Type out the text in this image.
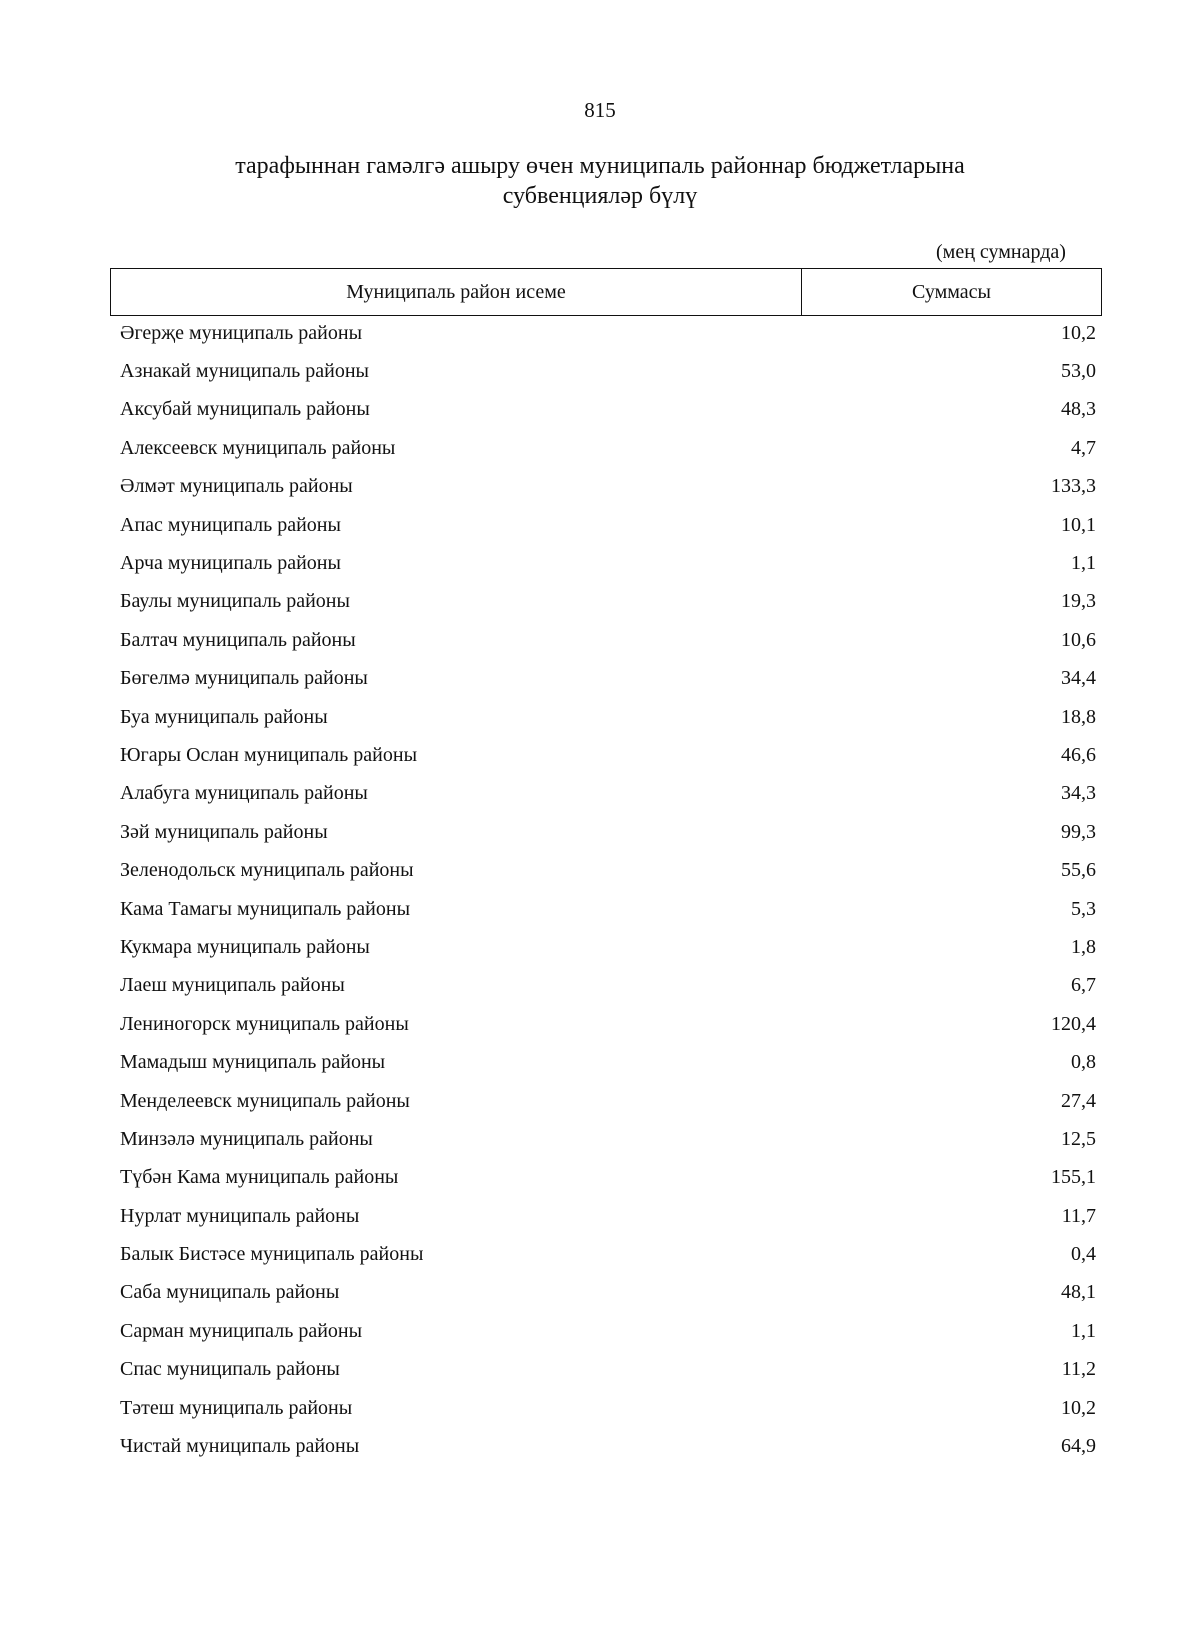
815
тарафыннан гамәлгә ашыру өчен муниципаль районнар бюджетларына
субвенцияләр бүлү
(мең сумнарда)
Муниципаль район исеме	Суммасы
Әгерҗе муниципаль районы	10,2
Азнакай муниципаль районы	53,0
Аксубай муниципаль районы	48,3
Алексеевск муниципаль районы	4,7
Әлмәт муниципаль районы	133,3
Апас муниципаль районы	10,1
Арча муниципаль районы	1,1
Баулы муниципаль районы	19,3
Балтач муниципаль районы	10,6
Бөгелмә муниципаль районы	34,4
Буа муниципаль районы	18,8
Югары Ослан муниципаль районы	46,6
Алабуга муниципаль районы	34,3
Зәй муниципаль районы	99,3
Зеленодольск муниципаль районы	55,6
Кама Тамагы муниципаль районы	5,3
Кукмара муниципаль районы	1,8
Лаеш муниципаль районы	6,7
Лениногорск муниципаль районы	120,4
Мамадыш муниципаль районы	0,8
Менделеевск муниципаль районы	27,4
Минзәлә муниципаль районы	12,5
Түбән Кама муниципаль районы	155,1
Нурлат муниципаль районы	11,7
Балык Бистәсе муниципаль районы	0,4
Саба муниципаль районы	48,1
Сарман муниципаль районы	1,1
Спас муниципаль районы	11,2
Тәтеш муниципаль районы	10,2
Чистай муниципаль районы	64,9
